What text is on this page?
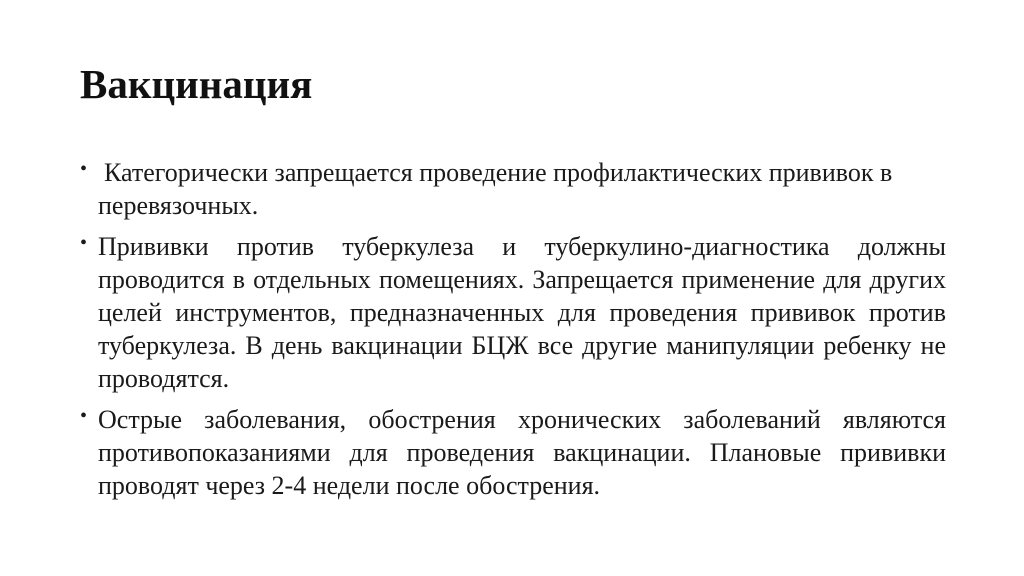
Вакцинация
• Категорически запрещается проведение профилактических прививок в перевязочных.
• Прививки против туберкулеза и туберкулино-диагностика должны проводится в отдельных помещениях. Запрещается применение для других целей инструментов, предназначенных для проведения прививок против туберкулеза. В день вакцинации БЦЖ все другие манипуляции ребенку не проводятся.
• Острые заболевания, обострения хронических заболеваний являются противопоказаниями для проведения вакцинации. Плановые прививки проводят через 2-4 недели после обострения.
